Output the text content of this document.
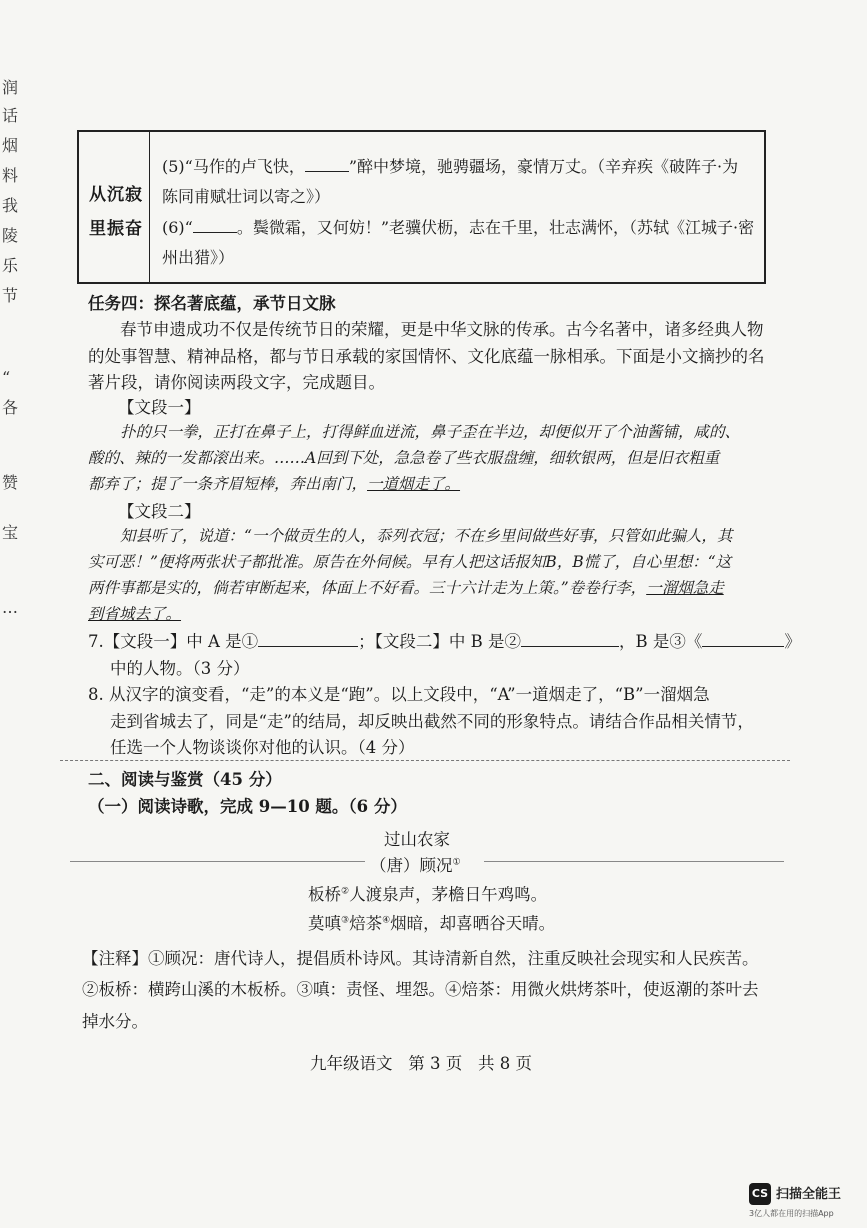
润
话
烟
料
我
陵
乐
节
“
各
赞
宝
…
从沉寂
里振奋
(5)“马作的卢飞快，	”醉中梦境，驰骋疆场，豪情万丈。（辛弃疾《破阵子·为
陈同甫赋壮词以寄之》）
(6)“	。鬓微霜，又何妨！”老骥伏枥，志在千里，壮志满怀，（苏轼《江城子·密
州出猎》）
任务四：探名著底蕴，承节日文脉
春节申遗成功不仅是传统节日的荣耀，更是中华文脉的传承。古今名著中，诸多经典人物
的处事智慧、精神品格，都与节日承载的家国情怀、文化底蕴一脉相承。下面是小文摘抄的名
著片段，请你阅读两段文字，完成题目。
【文段一】
扑的只一拳，正打在鼻子上，打得鲜血迸流，鼻子歪在半边，却便似开了个油酱铺，咸的、
酸的、辣的一发都滚出来。……A回到下处，急急卷了些衣服盘缠，细软银两，但是旧衣粗重
都弃了；提了一条齐眉短棒，奔出南门，一道烟走了。
【文段二】
知县听了，说道：“一个做贡生的人，忝列衣冠；不在乡里间做些好事，只管如此骗人，其
实可恶！”便将两张状子都批准。原告在外伺候。早有人把这话报知B，B慌了，自心里想：“这
两件事都是实的，倘若审断起来，体面上不好看。三十六计走为上策。”卷卷行李，一溜烟急走
到省城去了。
7.【文段一】中 A 是①	；【文段二】中 B 是②	，B 是③《	》
中的人物。（3 分）
8. 从汉字的演变看，“走”的本义是“跑”。以上文段中，“A”一道烟走了，“B”一溜烟急
走到省城去了，同是“走”的结局，却反映出截然不同的形象特点。请结合作品相关情节，
任选一个人物谈谈你对他的认识。（4 分）
二、阅读与鉴赏（45 分）
（一）阅读诗歌，完成 9—10 题。（6 分）
过山农家
（唐）顾况①
板桥②人渡泉声，茅檐日午鸡鸣。
莫嗔③焙茶④烟暗，却喜晒谷天晴。
【注释】①顾况：唐代诗人，提倡质朴诗风。其诗清新自然，注重反映社会现实和人民疾苦。
②板桥：横跨山溪的木板桥。③嗔：责怪、埋怨。④焙茶：用微火烘烤茶叶，使返潮的茶叶去
掉水分。
九年级语文   第 3 页   共 8 页
CS 扫描全能王
3亿人都在用的扫描App
